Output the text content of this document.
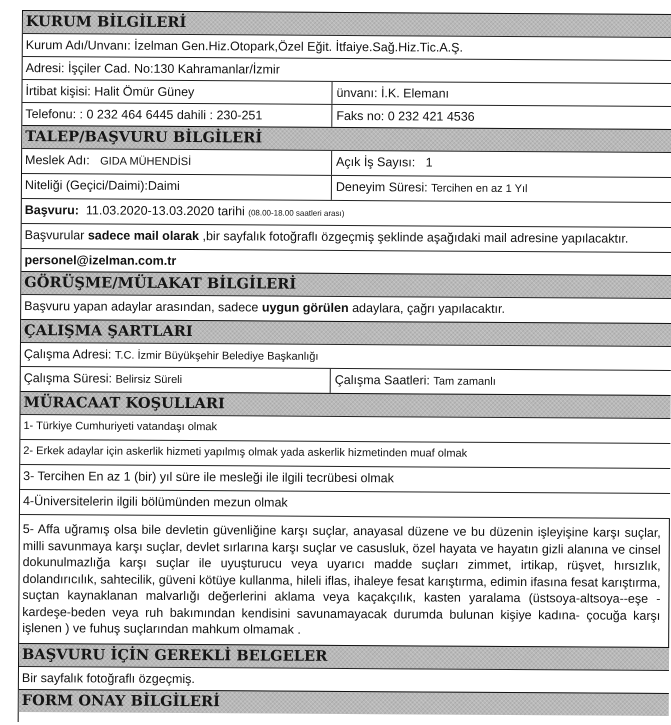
KURUM BİLGİLERİ
Kurum Adı/Unvanı: İzelman Gen.Hiz.Otopark,Özel Eğit. İtfaiye.Sağ.Hiz.Tic.A.Ş.
Adresi: İşçiler Cad. No:130 Kahramanlar/İzmir
İrtibat kişisi: Halit Ömür Güney	ünvanı: İ.K. Elemanı
Telefonu: : 0 232 464 6445 dahili : 230-251	Faks no: 0 232 421 4536
TALEP/BAŞVURU BİLGİLERİ
Meslek Adı: GIDA MÜHENDİSİ	Açık İş Sayısı: 1
Niteliği (Geçici/Daimi):Daimi	Deneyim Süresi: Tercihen en az 1 Yıl
Başvuru: 11.03.2020-13.03.2020 tarihi (08.00-18.00 saatleri arası)
Başvurular sadece mail olarak ,bir sayfalık fotoğraflı özgeçmiş şeklinde aşağıdaki mail adresine yapılacaktır.
personel@izelman.com.tr
GÖRÜŞME/MÜLAKAT BİLGİLERİ
Başvuru yapan adaylar arasından, sadece uygun görülen adaylara, çağrı yapılacaktır.
ÇALIŞMA ŞARTLARI
Çalışma Adresi: T.C. İzmir Büyükşehir Belediye Başkanlığı
Çalışma Süresi: Belirsiz Süreli	Çalışma Saatleri: Tam zamanlı
MÜRACAAT KOŞULLARI
1- Türkiye Cumhuriyeti vatandaşı olmak
2- Erkek adaylar için askerlik hizmeti yapılmış olmak yada askerlik hizmetinden muaf olmak
3- Tercihen En az 1 (bir) yıl süre ile mesleği ile ilgili tecrübesi olmak
4-Üniversitelerin ilgili bölümünden mezun olmak
5- Affa uğramış olsa bile devletin güvenliğine karşı suçlar, anayasal düzene ve bu düzenin işleyişine karşı suçlar, milli savunmaya karşı suçlar, devlet sırlarına karşı suçlar ve casusluk, özel hayata ve hayatın gizli alanına ve cinsel dokunulmazlığa karşı suçlar ile uyuşturucu veya uyarıcı madde suçları zimmet, irtikap, rüşvet, hırsızlık, dolandırıcılık, sahtecilik, güveni kötüye kullanma, hileli iflas, ihaleye fesat karıştırma, edimin ifasına fesat karıştırma, suçtan kaynaklanan malvarlığı değerlerini aklama veya kaçakçılık, kasten yaralama (üstsoya-altsoya--eşe -kardeşe-beden veya ruh bakımından kendisini savunamayacak durumda bulunan kişiye kadına- çocuğa karşı işlenen ) ve fuhuş suçlarından mahkum olmamak .
BAŞVURU İÇİN GEREKLİ BELGELER
Bir sayfalık fotoğraflı özgeçmiş.
FORM ONAY BİLGİLERİ
